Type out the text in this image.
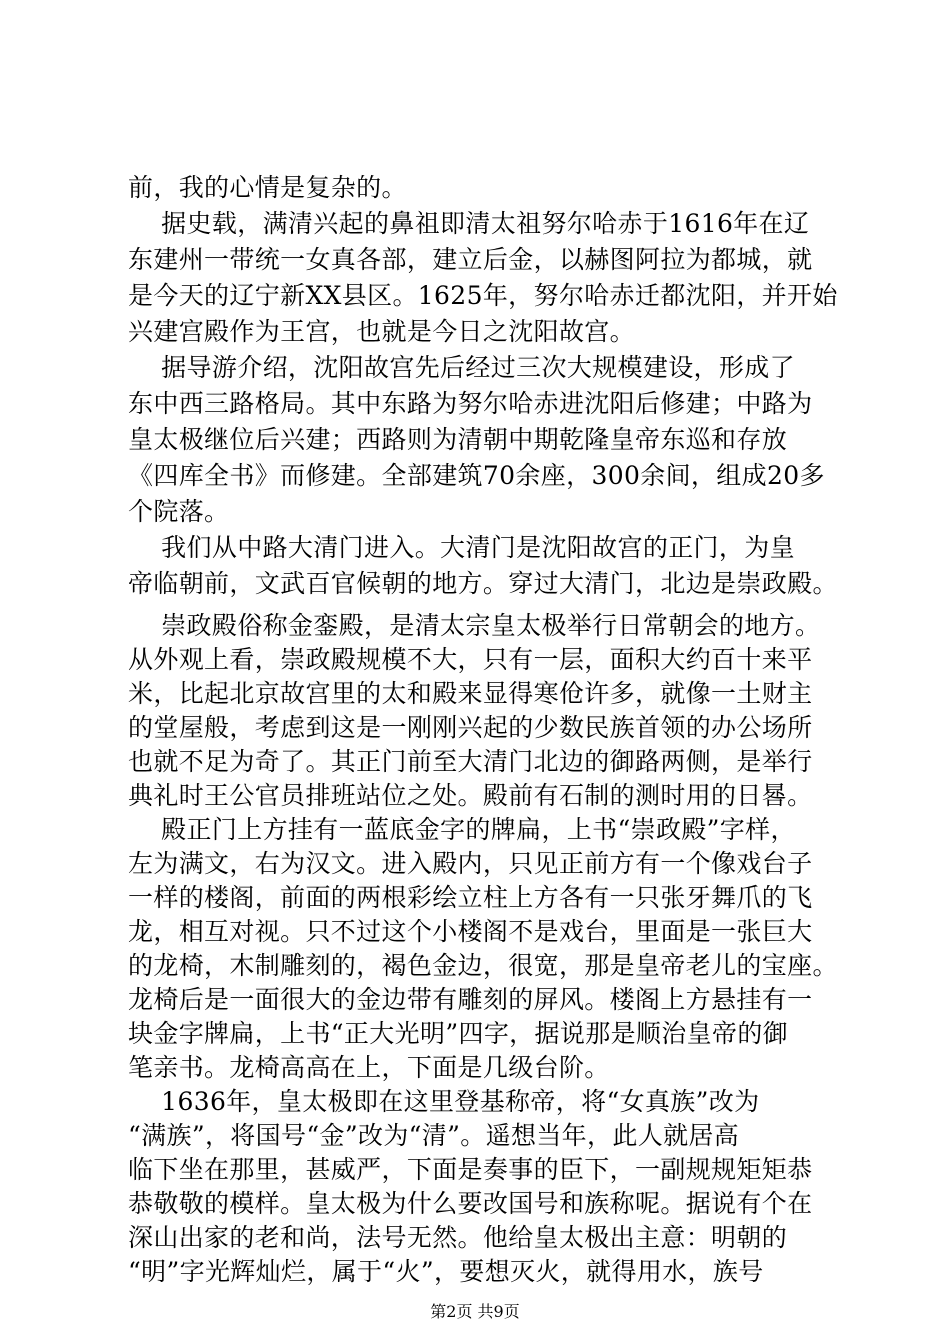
前，我的心情是复杂的。
据史载，满清兴起的鼻祖即清太祖努尔哈赤于1616年在辽
东建州一带统一女真各部，建立后金，以赫图阿拉为都城，就
是今天的辽宁新XX县区。1625年，努尔哈赤迁都沈阳，并开始
兴建宫殿作为王宫，也就是今日之沈阳故宫。
据导游介绍，沈阳故宫先后经过三次大规模建设，形成了
东中西三路格局。其中东路为努尔哈赤进沈阳后修建；中路为
皇太极继位后兴建；西路则为清朝中期乾隆皇帝东巡和存放
《四库全书》而修建。全部建筑70余座，300余间，组成20多
个院落。
我们从中路大清门进入。大清门是沈阳故宫的正门，为皇
帝临朝前，文武百官候朝的地方。穿过大清门，北边是崇政殿。
崇政殿俗称金銮殿，是清太宗皇太极举行日常朝会的地方。
从外观上看，崇政殿规模不大，只有一层，面积大约百十来平
米，比起北京故宫里的太和殿来显得寒伧许多，就像一土财主
的堂屋般，考虑到这是一刚刚兴起的少数民族首领的办公场所
也就不足为奇了。其正门前至大清门北边的御路两侧，是举行
典礼时王公官员排班站位之处。殿前有石制的测时用的日晷。
殿正门上方挂有一蓝底金字的牌扁，上书“崇政殿”字样，
左为满文，右为汉文。进入殿内，只见正前方有一个像戏台子
一样的楼阁，前面的两根彩绘立柱上方各有一只张牙舞爪的飞
龙，相互对视。只不过这个小楼阁不是戏台，里面是一张巨大
的龙椅，木制雕刻的，褐色金边，很宽，那是皇帝老儿的宝座。
龙椅后是一面很大的金边带有雕刻的屏风。楼阁上方悬挂有一
块金字牌扁，上书“正大光明”四字，据说那是顺治皇帝的御
笔亲书。龙椅高高在上，下面是几级台阶。
1636年，皇太极即在这里登基称帝，将“女真族”改为
“满族”，将国号“金”改为“清”。遥想当年，此人就居高
临下坐在那里，甚威严，下面是奏事的臣下，一副规规矩矩恭
恭敬敬的模样。皇太极为什么要改国号和族称呢。据说有个在
深山出家的老和尚，法号无然。他给皇太极出主意：明朝的
“明”字光辉灿烂，属于“火”，要想灭火，就得用水，族号
第2页 共9页
